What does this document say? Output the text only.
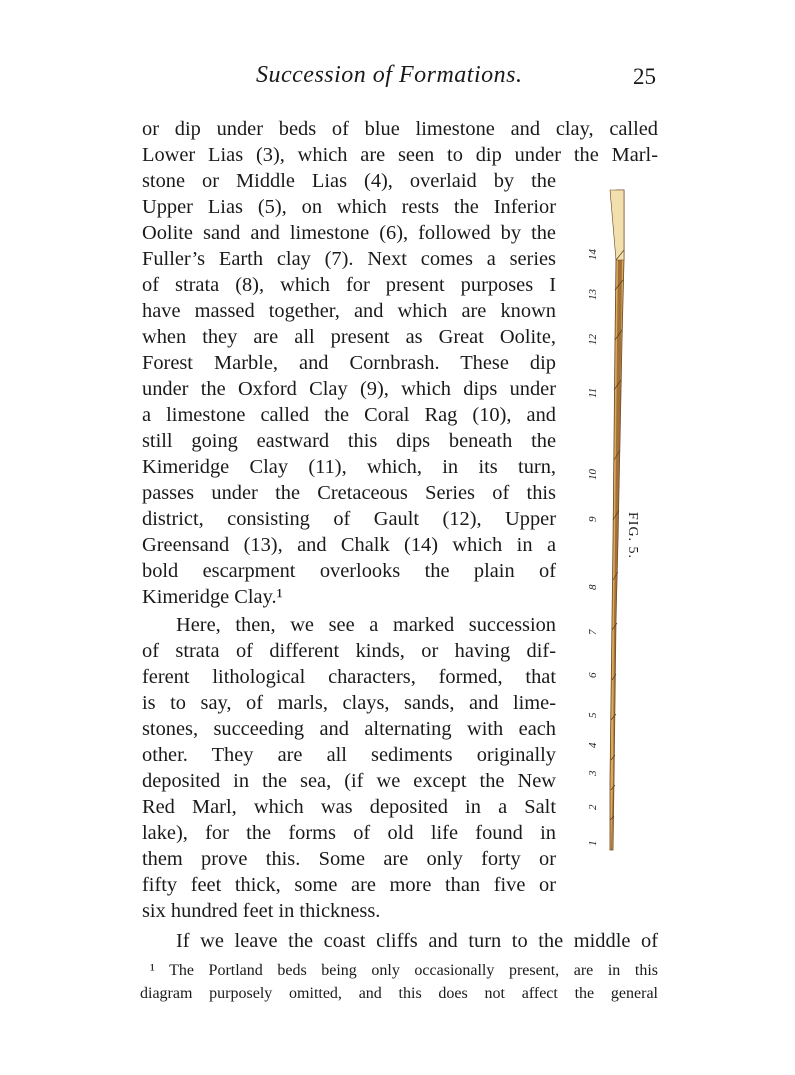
Succession of Formations.	25
or dip under beds of blue limestone and clay, called
Lower Lias (3), which are seen to dip under the Marl-
stone or Middle Lias (4), overlaid by the
Upper Lias (5), on which rests the Inferior
Oolite sand and limestone (6), followed by the
Fuller’s Earth clay (7). Next comes a series
of strata (8), which for present purposes I
have massed together, and which are known
when they are all present as Great Oolite,
Forest Marble, and Cornbrash. These dip
under the Oxford Clay (9), which dips under
a limestone called the Coral Rag (10), and
still going eastward this dips beneath the
Kimeridge Clay (11), which, in its turn,
passes under the Cretaceous Series of this
district, consisting of Gault (12), Upper
Greensand (13), and Chalk (14) which in a
bold escarpment overlooks the plain of
Kimeridge Clay.¹
Here, then, we see a marked succession
of strata of different kinds, or having dif-
ferent lithological characters, formed, that
is to say, of marls, clays, sands, and lime-
stones, succeeding and alternating with each
other. They are all sediments originally
deposited in the sea, (if we except the New
Red Marl, which was deposited in a Salt
lake), for the forms of old life found in
them prove this. Some are only forty or
fifty feet thick, some are more than five or
six hundred feet in thickness.
If we leave the coast cliffs and turn to the middle of
¹ The Portland beds being only occasionally present, are in this
diagram purposely omitted, and this does not affect the general
14
13
12
11
10
9
8
7
6
5
4
3
2
1
FIG. 5.
